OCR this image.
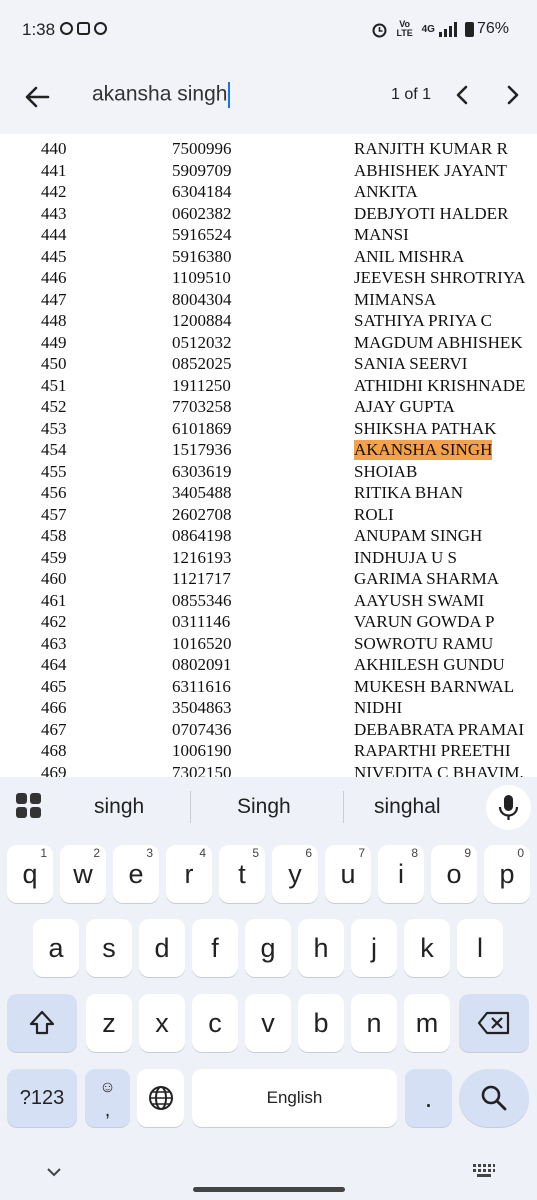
1:38	Vo LTE 4G	76%
akansha singh	1 of 1
440	7500996	RANJITH KUMAR R
441	5909709	ABHISHEK JAYANT
442	6304184	ANKITA
443	0602382	DEBJYOTI HALDER
444	5916524	MANSI
445	5916380	ANIL MISHRA
446	1109510	JEEVESH SHROTRIYA
447	8004304	MIMANSA
448	1200884	SATHIYA PRIYA C
449	0512032	MAGDUM ABHISHEK
450	0852025	SANIA SEERVI
451	1911250	ATHIDHI KRISHNADE
452	7703258	AJAY GUPTA
453	6101869	SHIKSHA PATHAK
454	1517936	AKANSHA SINGH
455	6303619	SHOIAB
456	3405488	RITIKA BHAN
457	2602708	ROLI
458	0864198	ANUPAM SINGH
459	1216193	INDHUJA U S
460	1121717	GARIMA SHARMA
461	0855346	AAYUSH SWAMI
462	0311146	VARUN GOWDA P
463	1016520	SOWROTU RAMU
464	0802091	AKHILESH GUNDU
465	6311616	MUKESH BARNWAL
466	3504863	NIDHI
467	0707436	DEBABRATA PRAMAI
468	1006190	RAPARTHI PREETHI
469	7302150	NIVEDITA C BHAVIM.
singh	Singh	singhal
?123	☺
,
English	.
q
1
w
2
e
3
r
4
t
5
y
6
u
7
i
8
o
9
p
0
a	s	d	f	g	h	j	k	l
z	x	c	v	b	n	m
